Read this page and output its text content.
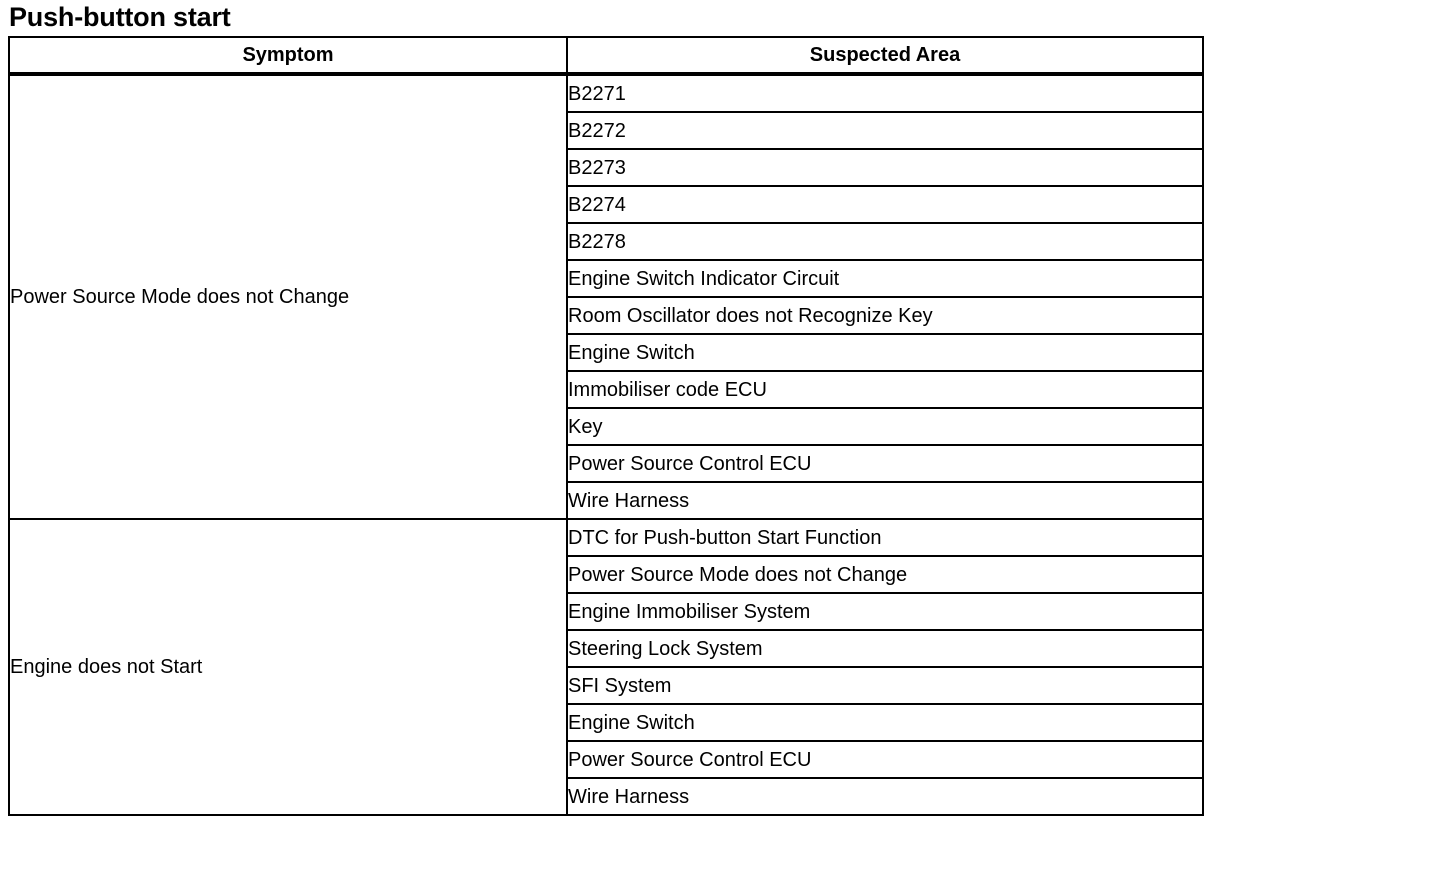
Push-button start
Symptom	Suspected Area
Power Source Mode does not Change	B2271
	B2272
	B2273
	B2274
	B2278
	Engine Switch Indicator Circuit
	Room Oscillator does not Recognize Key
	Engine Switch
	Immobiliser code ECU
	Key
	Power Source Control ECU
	Wire Harness
Engine does not Start	DTC for Push-button Start Function
	Power Source Mode does not Change
	Engine Immobiliser System
	Steering Lock System
	SFI System
	Engine Switch
	Power Source Control ECU
	Wire Harness
